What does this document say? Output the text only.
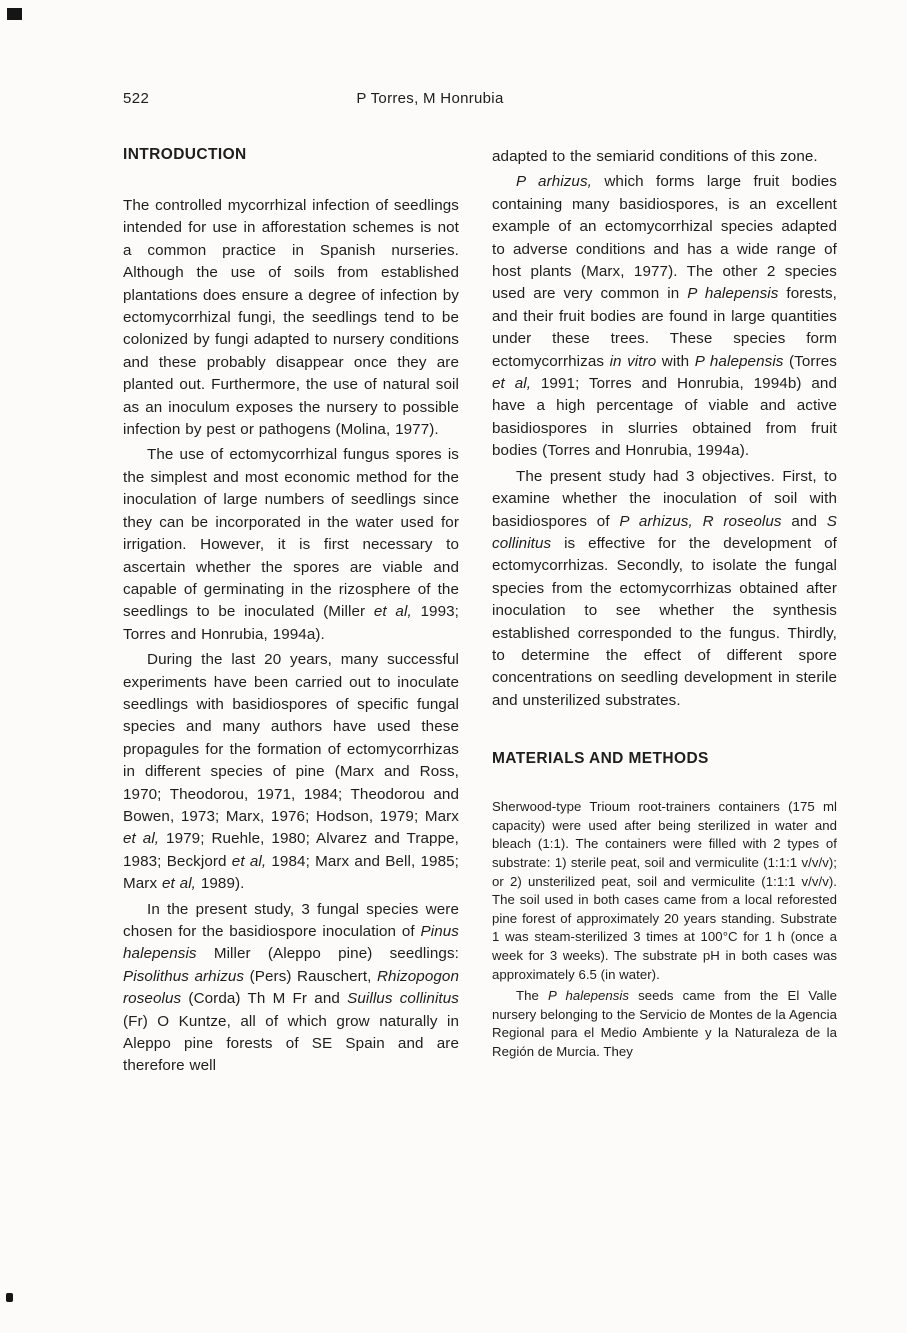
522	P Torres, M Honrubia
INTRODUCTION

The controlled mycorrhizal infection of seedlings intended for use in afforestation schemes is not a common practice in Spanish nurseries. Although the use of soils from established plantations does ensure a degree of infection by ectomycorrhizal fungi, the seedlings tend to be colonized by fungi adapted to nursery conditions and these probably disappear once they are planted out. Furthermore, the use of natural soil as an inoculum exposes the nursery to possible infection by pest or pathogens (Molina, 1977).

The use of ectomycorrhizal fungus spores is the simplest and most economic method for the inoculation of large numbers of seedlings since they can be incorporated in the water used for irrigation. However, it is first necessary to ascertain whether the spores are viable and capable of germinating in the rizosphere of the seedlings to be inoculated (Miller et al, 1993; Torres and Honrubia, 1994a).

During the last 20 years, many successful experiments have been carried out to inoculate seedlings with basidiospores of specific fungal species and many authors have used these propagules for the formation of ectomycorrhizas in different species of pine (Marx and Ross, 1970; Theodorou, 1971, 1984; Theodorou and Bowen, 1973; Marx, 1976; Hodson, 1979; Marx et al, 1979; Ruehle, 1980; Alvarez and Trappe, 1983; Beckjord et al, 1984; Marx and Bell, 1985; Marx et al, 1989).

In the present study, 3 fungal species were chosen for the basidiospore inoculation of Pinus halepensis Miller (Aleppo pine) seedlings: Pisolithus arhizus (Pers) Rauschert, Rhizopogon roseolus (Corda) Th M Fr and Suillus collinitus (Fr) O Kuntze, all of which grow naturally in Aleppo pine forests of SE Spain and are therefore well

adapted to the semiarid conditions of this zone.

P arhizus, which forms large fruit bodies containing many basidiospores, is an excellent example of an ectomycorrhizal species adapted to adverse conditions and has a wide range of host plants (Marx, 1977). The other 2 species used are very common in P halepensis forests, and their fruit bodies are found in large quantities under these trees. These species form ectomycorrhizas in vitro with P halepensis (Torres et al, 1991; Torres and Honrubia, 1994b) and have a high percentage of viable and active basidiospores in slurries obtained from fruit bodies (Torres and Honrubia, 1994a).

The present study had 3 objectives. First, to examine whether the inoculation of soil with basidiospores of P arhizus, R roseolus and S collinitus is effective for the development of ectomycorrhizas. Secondly, to isolate the fungal species from the ectomycorrhizas obtained after inoculation to see whether the synthesis established corresponded to the fungus. Thirdly, to determine the effect of different spore concentrations on seedling development in sterile and unsterilized substrates.

MATERIALS AND METHODS

Sherwood-type Trioum root-trainers containers (175 ml capacity) were used after being sterilized in water and bleach (1:1). The containers were filled with 2 types of substrate: 1) sterile peat, soil and vermiculite (1:1:1 v/v/v); or 2) unsterilized peat, soil and vermiculite (1:1:1 v/v/v). The soil used in both cases came from a local reforested pine forest of approximately 20 years standing. Substrate 1 was steam-sterilized 3 times at 100°C for 1 h (once a week for 3 weeks). The substrate pH in both cases was approximately 6.5 (in water).

The P halepensis seeds came from the El Valle nursery belonging to the Servicio de Montes de la Agencia Regional para el Medio Ambiente y la Naturaleza de la Región de Murcia. They
